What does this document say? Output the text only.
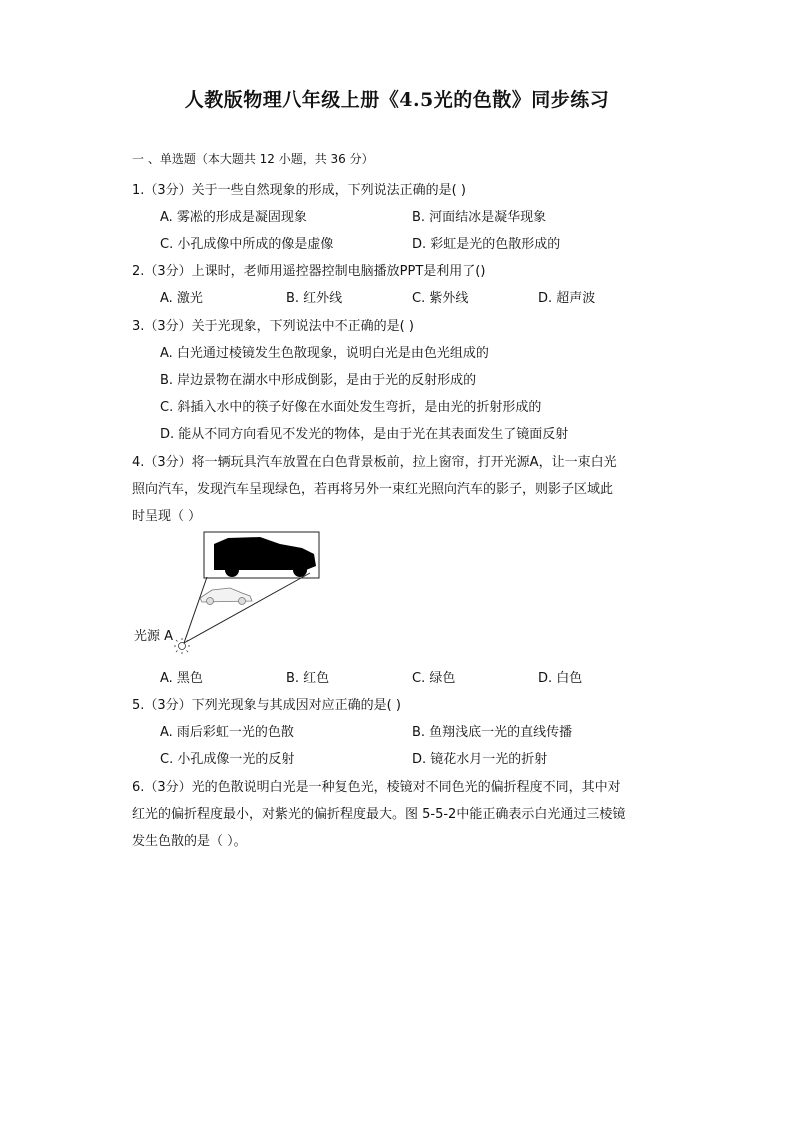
人教版物理八年级上册《4.5光的色散》同步练习
一 、单选题（本大题共 12 小题，共 36 分）
1.（3分）关于一些自然现象的形成，下列说法正确的是( )
A. 雾凇的形成是凝固现象	B. 河面结冰是凝华现象
C. 小孔成像中所成的像是虚像	D. 彩虹是光的色散形成的
2.（3分）上课时，老师用遥控器控制电脑播放PPT是利用了()
A. 激光	B. 红外线	C. 紫外线	D. 超声波
3.（3分）关于光现象，下列说法中不正确的是( )
A. 白光通过棱镜发生色散现象，说明白光是由色光组成的
B. 岸边景物在湖水中形成倒影，是由于光的反射形成的
C. 斜插入水中的筷子好像在水面处发生弯折，是由光的折射形成的
D. 能从不同方向看见不发光的物体，是由于光在其表面发生了镜面反射
4.（3分）将一辆玩具汽车放置在白色背景板前，拉上窗帘，打开光源A，让一束白光
照向汽车，发现汽车呈现绿色，若再将另外一束红光照向汽车的影子，则影子区域此
时呈现（ ）
光源 A
A. 黑色	B. 红色	C. 绿色	D. 白色
5.（3分）下列光现象与其成因对应正确的是( )
A. 雨后彩虹一光的色散	B. 鱼翔浅底一光的直线传播
C. 小孔成像一光的反射	D. 镜花水月一光的折射
6.（3分）光的色散说明白光是一种复色光，棱镜对不同色光的偏折程度不同，其中对
红光的偏折程度最小，对紫光的偏折程度最大。图 5-5-2中能正确表示白光通过三棱镜
发生色散的是（ ）。
